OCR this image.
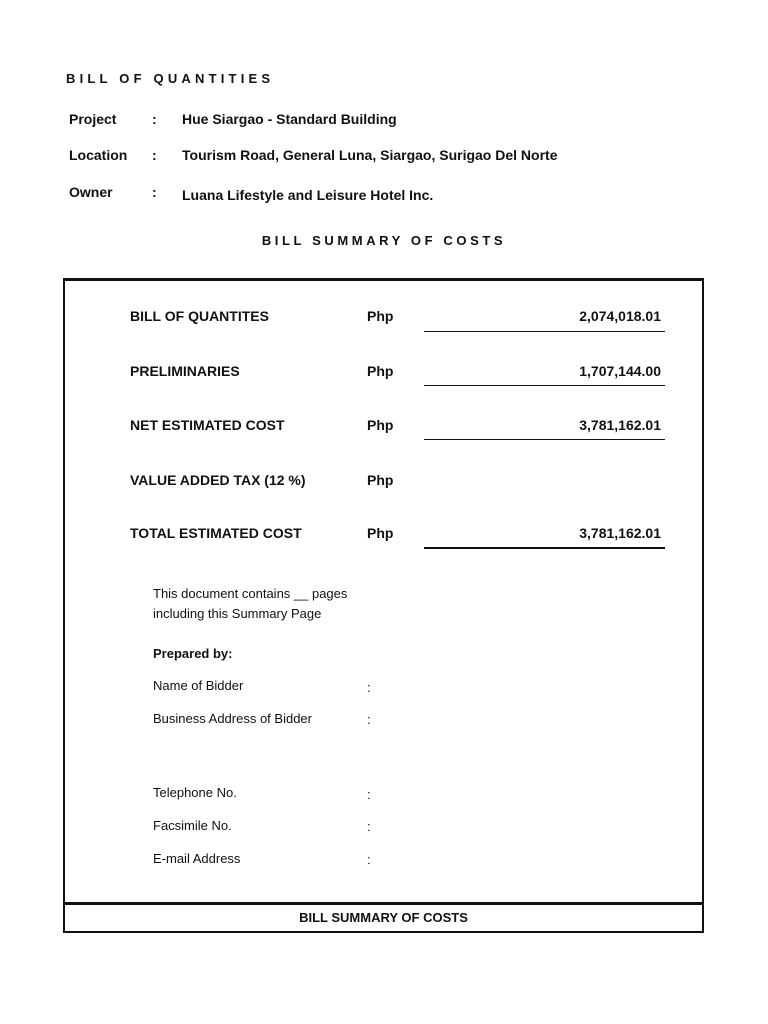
BILL OF QUANTITIES
Project	: Hue Siargao - Standard Building
Location : Tourism Road, General Luna, Siargao, Surigao Del Norte
Owner	: Luana Lifestyle and Leisure Hotel Inc.
BILL SUMMARY OF COSTS
BILL OF QUANTITES	Php	2,074,018.01
PRELIMINARIES	Php	1,707,144.00
NET ESTIMATED COST	Php	3,781,162.01
VALUE ADDED TAX (12 %)	Php
TOTAL ESTIMATED COST	Php	3,781,162.01
This document contains __ pages
including this Summary Page
Prepared by:
Name of Bidder	:
Business Address of Bidder	:
Telephone No.	:
Facsimile No.	:
E-mail Address	:
BILL SUMMARY OF COSTS
